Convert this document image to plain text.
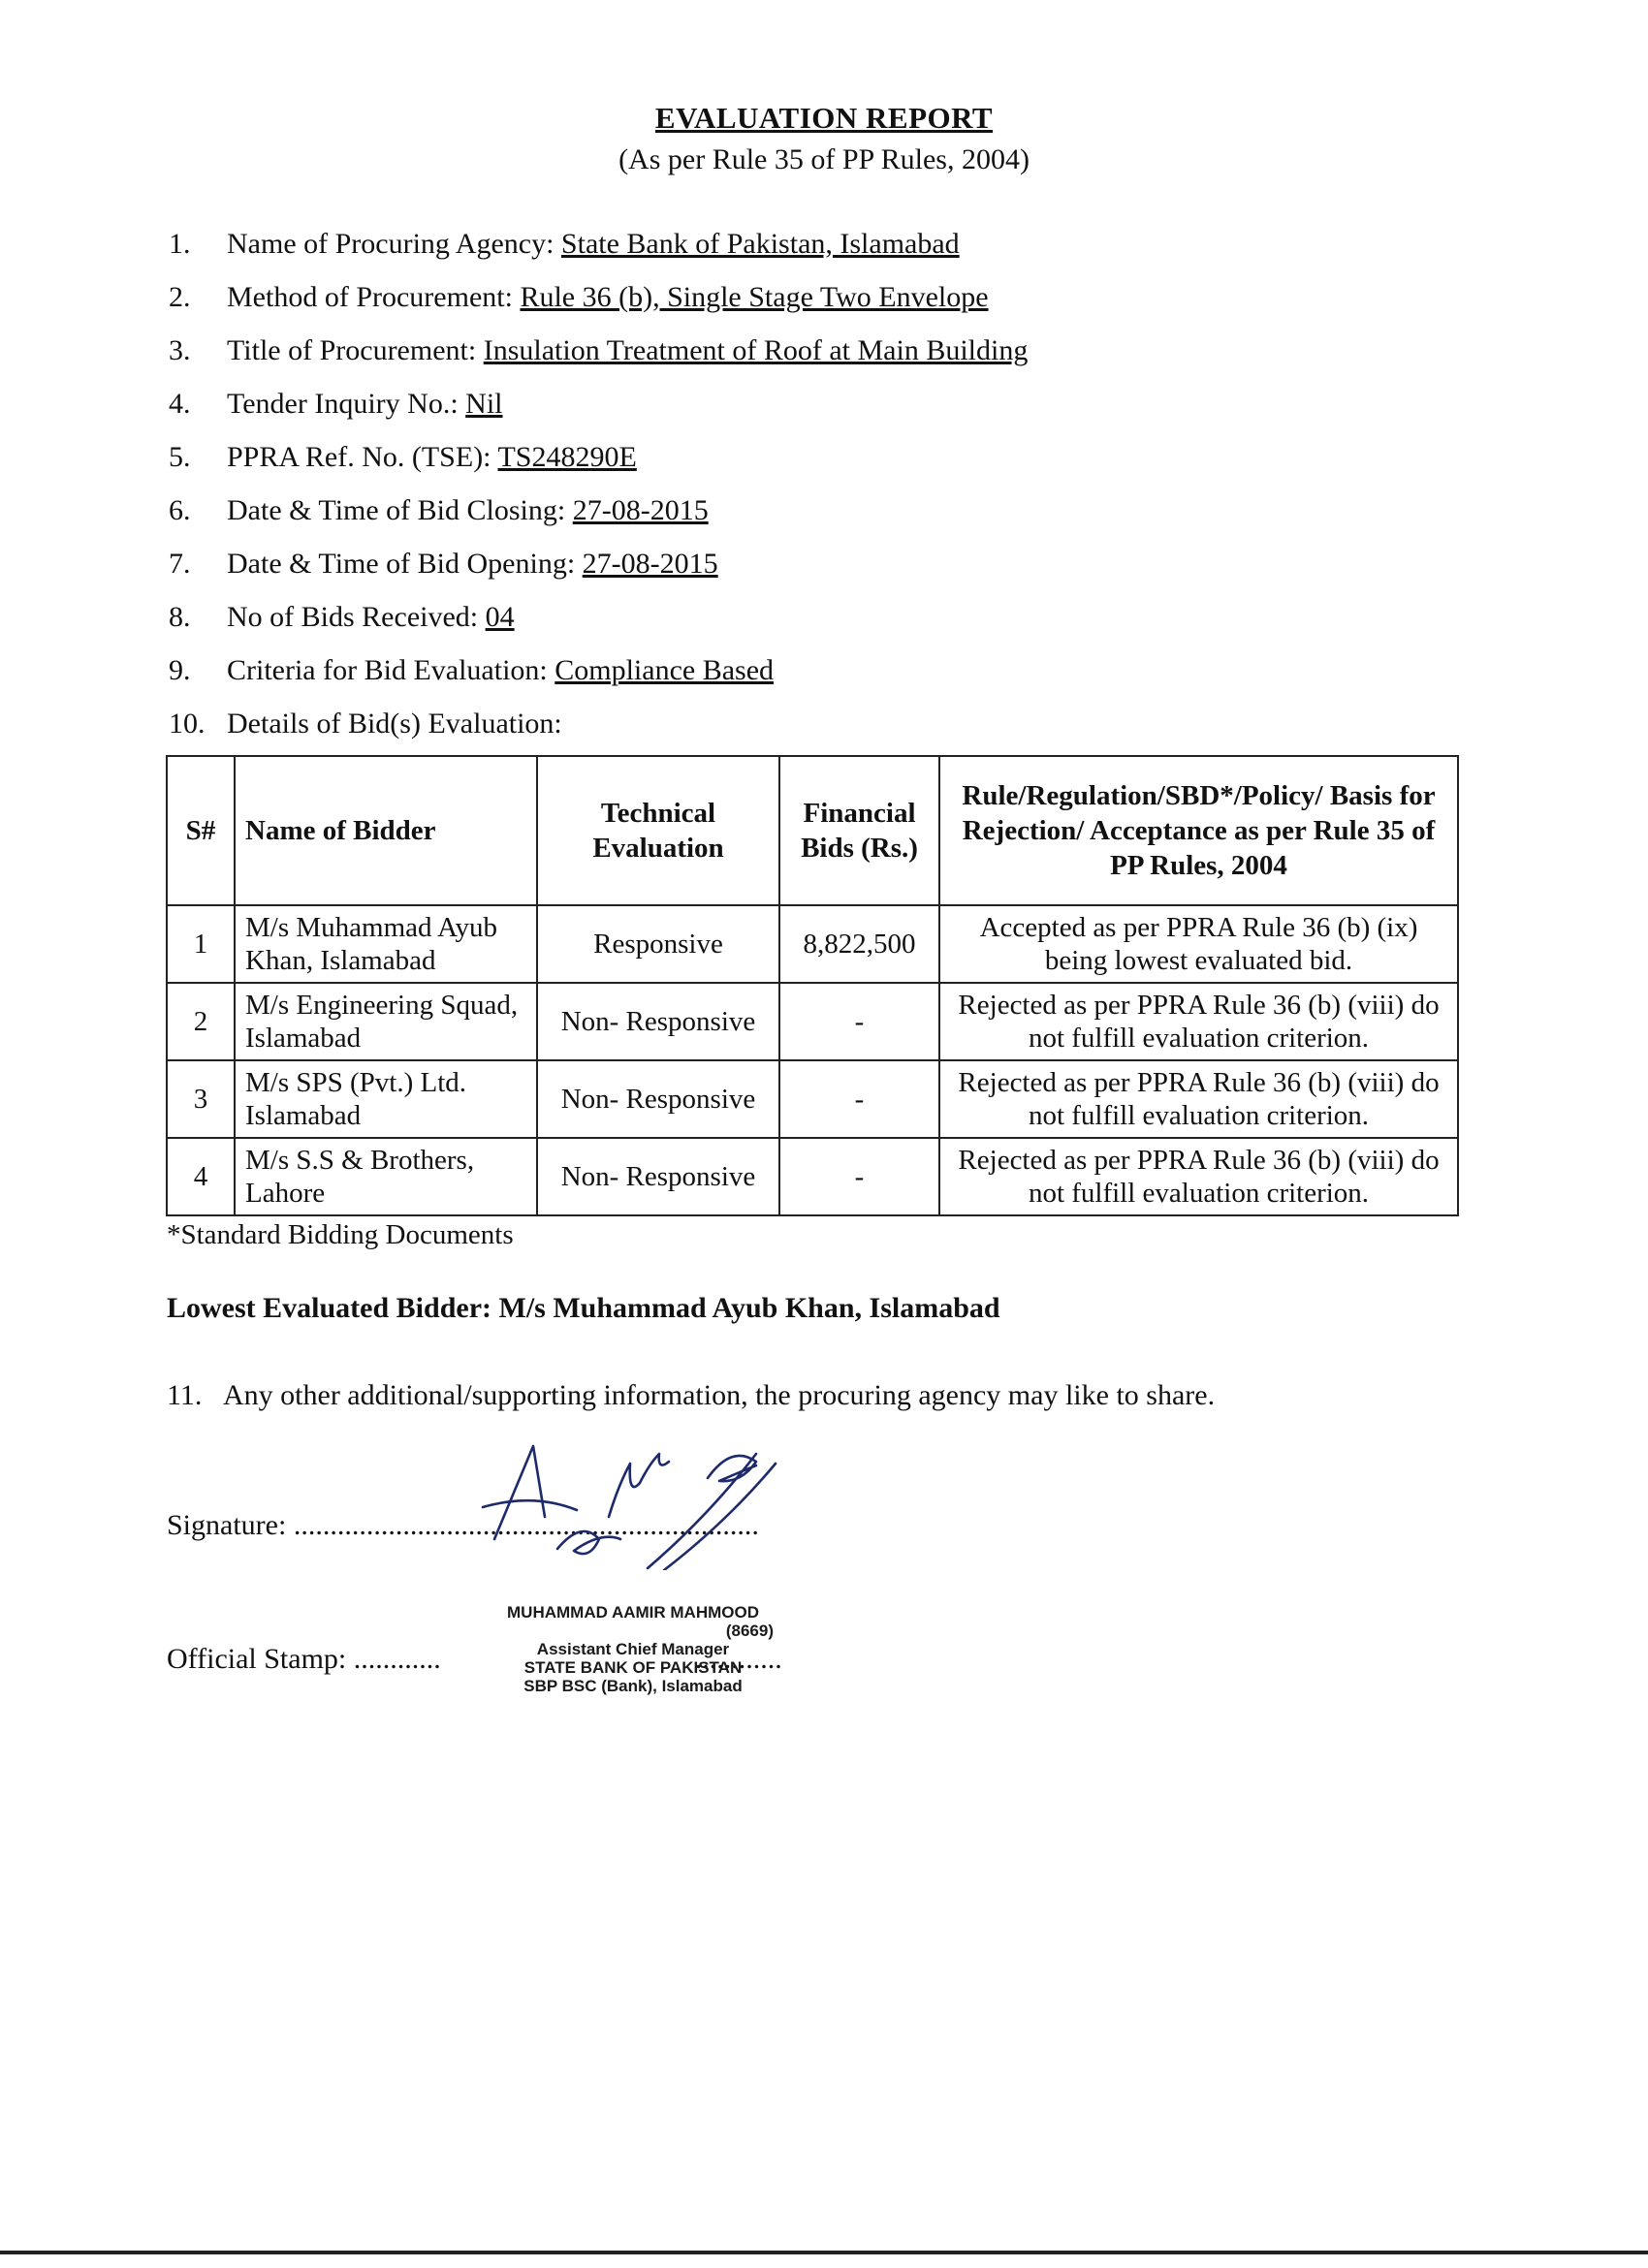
EVALUATION REPORT
(As per Rule 35 of PP Rules, 2004)
1. Name of Procuring Agency: State Bank of Pakistan, Islamabad
2. Method of Procurement: Rule 36 (b), Single Stage Two Envelope
3. Title of Procurement: Insulation Treatment of Roof at Main Building
4. Tender Inquiry No.: Nil
5. PPRA Ref. No. (TSE): TS248290E
6. Date & Time of Bid Closing: 27-08-2015
7. Date & Time of Bid Opening: 27-08-2015
8. No of Bids Received: 04
9. Criteria for Bid Evaluation: Compliance Based
10. Details of Bid(s) Evaluation:
S#	Name of Bidder	Technical Evaluation	Financial Bids (Rs.)	Rule/Regulation/SBD*/Policy/ Basis for Rejection/ Acceptance as per Rule 35 of PP Rules, 2004
1	M/s Muhammad Ayub Khan, Islamabad	Responsive	8,822,500	Accepted as per PPRA Rule 36 (b) (ix) being lowest evaluated bid.
2	M/s Engineering Squad, Islamabad	Non- Responsive	-	Rejected as per PPRA Rule 36 (b) (viii) do not fulfill evaluation criterion.
3	M/s SPS (Pvt.) Ltd. Islamabad	Non- Responsive	-	Rejected as per PPRA Rule 36 (b) (viii) do not fulfill evaluation criterion.
4	M/s S.S & Brothers, Lahore	Non- Responsive	-	Rejected as per PPRA Rule 36 (b) (viii) do not fulfill evaluation criterion.
*Standard Bidding Documents
Lowest Evaluated Bidder: M/s Muhammad Ayub Khan, Islamabad
11. Any other additional/supporting information, the procuring agency may like to share.
Signature: ................................................................
Official Stamp: ............	............
MUHAMMAD AAMIR MAHMOOD
(8669)
Assistant Chief Manager
STATE BANK OF PAKISTAN
SBP BSC (Bank), Islamabad
